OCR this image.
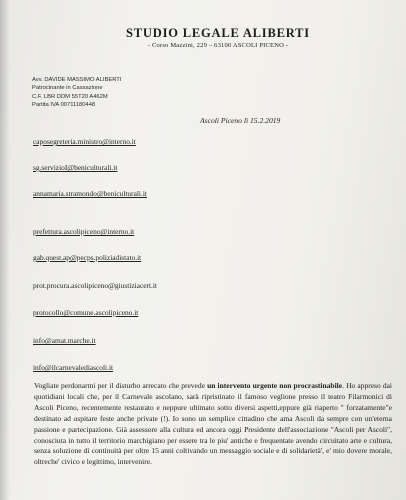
STUDIO LEGALE ALIBERTI
- Corso Mazzini, 229 – 63100 ASCOLI PICENO -
Avv. DAVIDE MASSIMO ALIBERTI
Patrocinante in Cassazione
C.F. LBR DDM 55T20 A462M
Partita IVA 00711180448
Ascoli Piceno lì 15.2.2019
caposegreteria.ministro@interno.it
sg.servizioI@beniculturali.it
annamaria.stramondo@beniculturali.it
prefettura.ascolipiceno@interno.it
gab.quest.ap@pecps.poliziadistato.it
prot.procura.ascolipiceno@giustiziacert.it
protocollo@comune.ascolipiceno.it
info@amat.marche.it
info@ilcarnevalediascoli.it

Vogliate perdonarmi per il disturbo arrecato che prevede un intervento urgente non procrastinabile. Ho appreso dai quotidiani locali che, per il Carnevale ascolano, sarà ripristinato il famoso veglione presso il teatro Filarmonici di Ascoli Piceno, recentemente restaurato e neppure ultimato sotto diversi aspetti,eppure già riaperto " forzatamente"e destinato ad ospitare feste anche private (!). Io sono un semplice cittadino che ama Ascoli da sempre con un'eterna passione e partecipazione. Già assessore alla cultura ed ancora oggi Presidente dell'associazione "Ascoli per Ascoli", conosciuta in tutto il territorio marchigiano per essere tra le piu' antiche e frequentate avendo circuitato arte e cultura, senza soluzione di continuità per oltre 15 anni coltivando un messaggio sociale e di solidarietà', e' mio dovere morale, oltreche' civico e legittimo, intervenire.
